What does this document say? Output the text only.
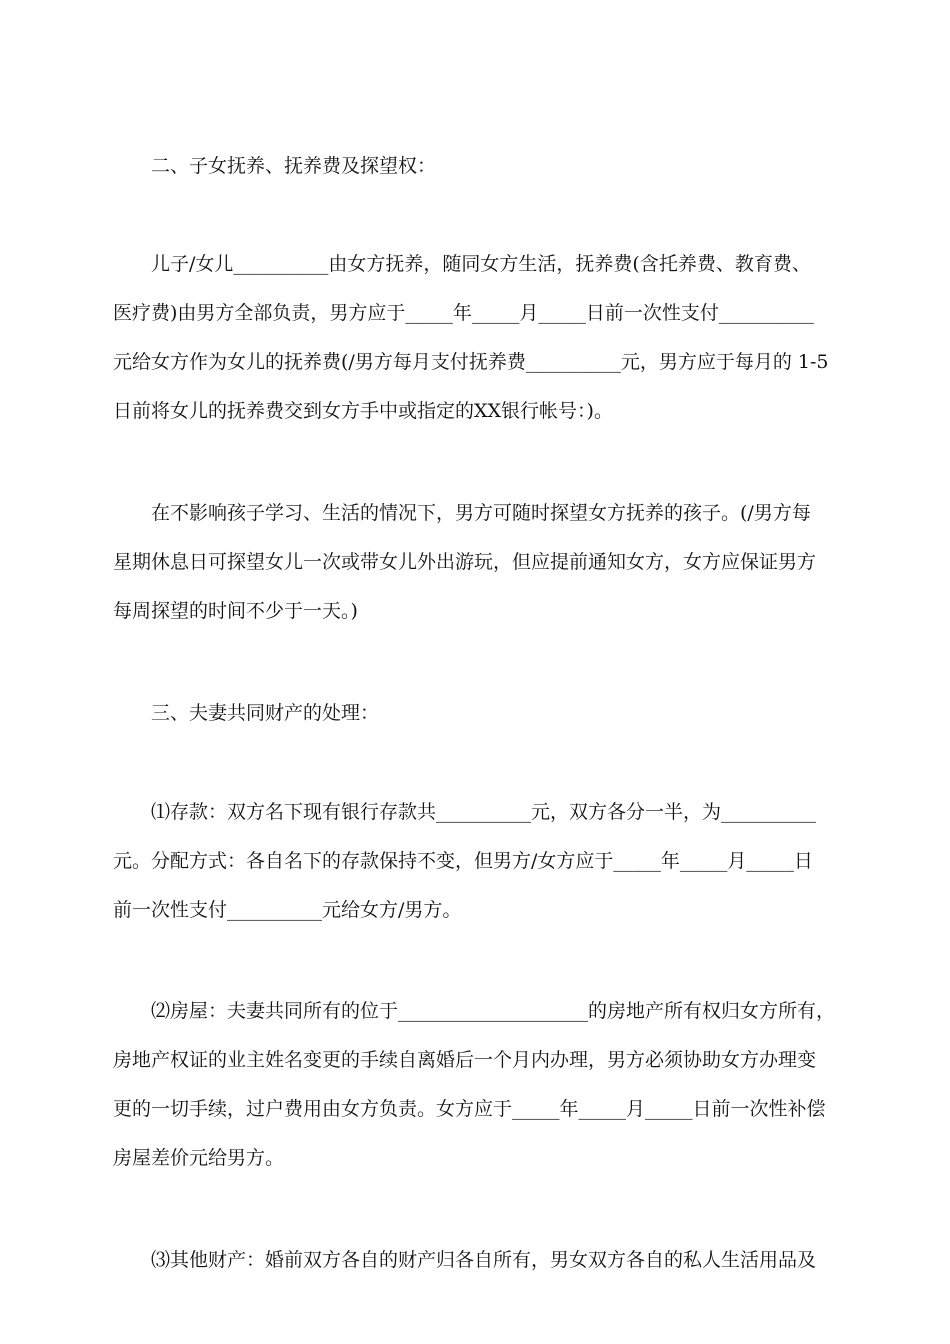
二、子女抚养、抚养费及探望权：

儿子/女儿__________由女方抚养，随同女方生活，抚养费(含托养费、教育费、
医疗费)由男方全部负责，男方应于_____年_____月_____日前一次性支付__________
元给女方作为女儿的抚养费(/男方每月支付抚养费__________元，男方应于每月的 1-5
日前将女儿的抚养费交到女方手中或指定的XX银行帐号：)。

在不影响孩子学习、生活的情况下，男方可随时探望女方抚养的孩子。(/男方每
星期休息日可探望女儿一次或带女儿外出游玩，但应提前通知女方，女方应保证男方
每周探望的时间不少于一天。)

三、夫妻共同财产的处理：

⑴存款：双方名下现有银行存款共__________元，双方各分一半，为__________
元。分配方式：各自名下的存款保持不变，但男方/女方应于_____年_____月_____日
前一次性支付__________元给女方/男方。

⑵房屋：夫妻共同所有的位于____________________的房地产所有权归女方所有，
房地产权证的业主姓名变更的手续自离婚后一个月内办理，男方必须协助女方办理变
更的一切手续，过户费用由女方负责。女方应于_____年_____月_____日前一次性补偿
房屋差价元给男方。

⑶其他财产：婚前双方各自的财产归各自所有，男女双方各自的私人生活用品及
